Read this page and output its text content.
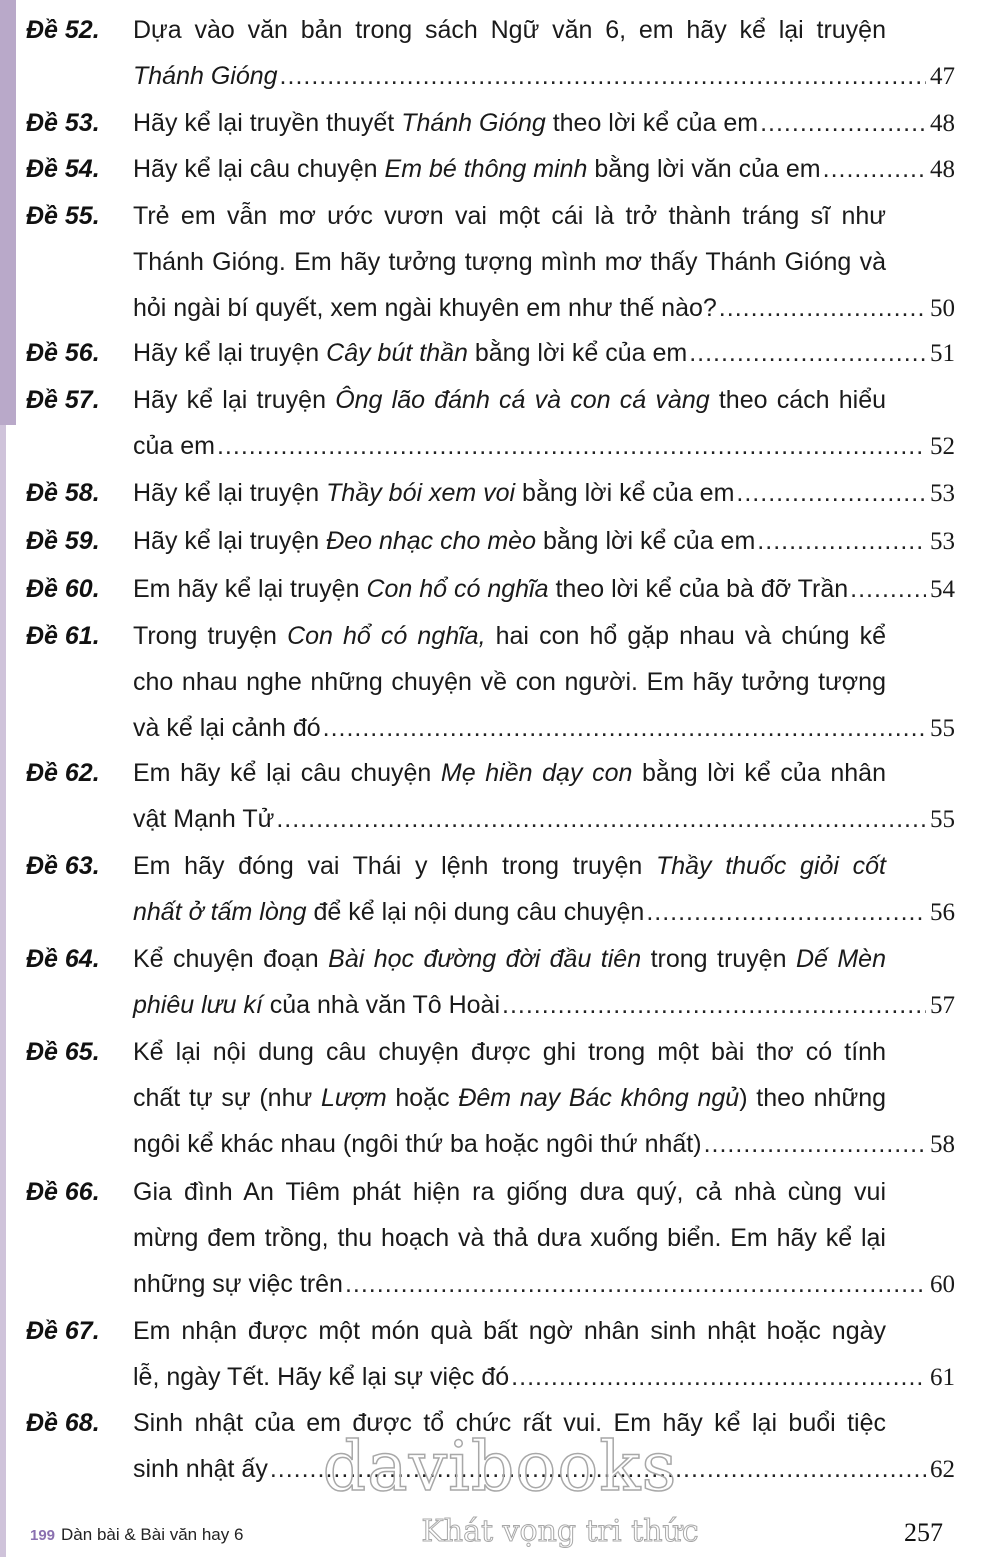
Đề 52. Dựa vào văn bản trong sách Ngữ văn 6, em hãy kể lại truyện
Thánh Gióng .....	47
Đề 53. Hãy kể lại truyền thuyết Thánh Gióng theo lời kể của em .....	48
Đề 54. Hãy kể lại câu chuyện Em bé thông minh bằng lời văn của em .....	48
Đề 55. Trẻ em vẫn mơ ước vươn vai một cái là trở thành tráng sĩ như
Thánh Gióng. Em hãy tưởng tượng mình mơ thấy Thánh Gióng và
hỏi ngài bí quyết, xem ngài khuyên em như thế nào? .....	50
Đề 56. Hãy kể lại truyện Cây bút thần bằng lời kể của em .....	51
Đề 57. Hãy kể lại truyện Ông lão đánh cá và con cá vàng theo cách hiểu
của em .....	52
Đề 58. Hãy kể lại truyện Thầy bói xem voi bằng lời kể của em .....	53
Đề 59. Hãy kể lại truyện Đeo nhạc cho mèo bằng lời kể của em .....	53
Đề 60. Em hãy kể lại truyện Con hổ có nghĩa theo lời kể của bà đỡ Trần .....	54
Đề 61. Trong truyện Con hổ có nghĩa, hai con hổ gặp nhau và chúng kể
cho nhau nghe những chuyện về con người. Em hãy tưởng tượng
và kể lại cảnh đó .....	55
Đề 62. Em hãy kể lại câu chuyện Mẹ hiền dạy con bằng lời kể của nhân
vật Mạnh Tử .....	55
Đề 63. Em hãy đóng vai Thái y lệnh trong truyện Thầy thuốc giỏi cốt
nhất ở tấm lòng để kể lại nội dung câu chuyện .....	56
Đề 64. Kể chuyện đoạn Bài học đường đời đầu tiên trong truyện Dế Mèn
phiêu lưu kí của nhà văn Tô Hoài .....	57
Đề 65. Kể lại nội dung câu chuyện được ghi trong một bài thơ có tính
chất tự sự (như Lượm hoặc Đêm nay Bác không ngủ) theo những
ngôi kể khác nhau (ngôi thứ ba hoặc ngôi thứ nhất) .....	58
Đề 66. Gia đình An Tiêm phát hiện ra giống dưa quý, cả nhà cùng vui
mừng đem trồng, thu hoạch và thả dưa xuống biển. Em hãy kể lại
những sự việc trên .....	60
Đề 67. Em nhận được một món quà bất ngờ nhân sinh nhật hoặc ngày
lễ, ngày Tết. Hãy kể lại sự việc đó .....	61
Đề 68. Sinh nhật của em được tổ chức rất vui. Em hãy kể lại buổi tiệc
sinh nhật ấy .....	62
davibooks
Khát vọng tri thức
199 Dàn bài & Bài văn hay 6	257
